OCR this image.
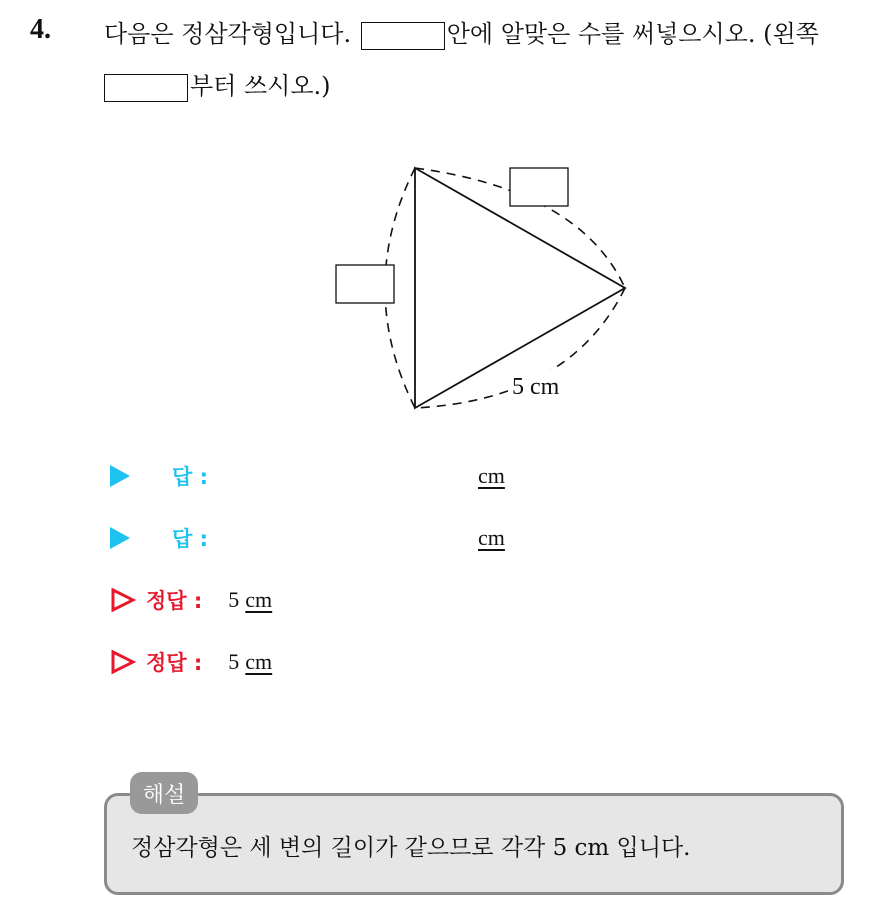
4. 다음은 정삼각형입니다.	안에 알맞은 수를 써넣으시오. (왼쪽
부터 쓰시오.)
5 cm
답 :	cm
답 :	cm
정답 : 5 cm
정답 : 5 cm
해설
정삼각형은 세 변의 길이가 같으므로 각각 5 cm 입니다.
